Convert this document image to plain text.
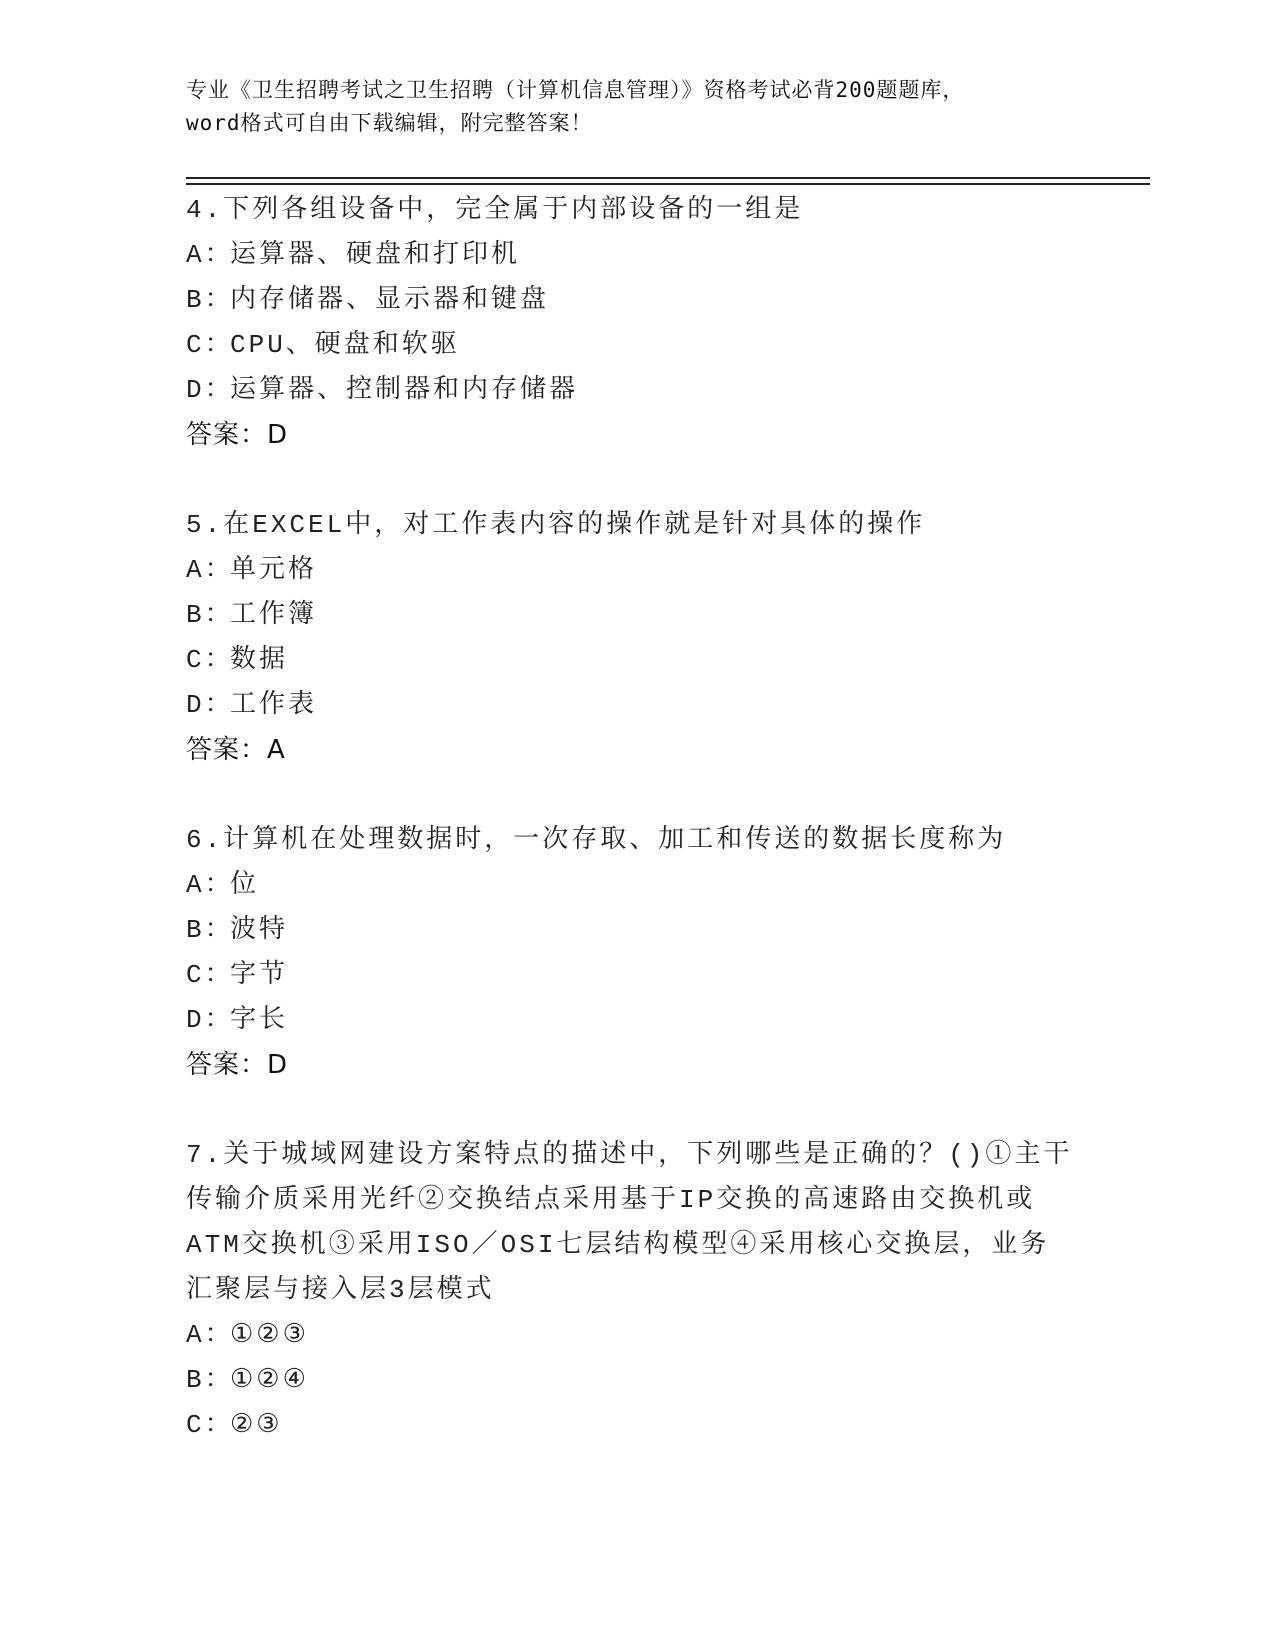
专业《卫生招聘考试之卫生招聘（计算机信息管理）》资格考试必背200题题库，
word格式可自由下载编辑，附完整答案！

4.下列各组设备中，完全属于内部设备的一组是

A：
运算器、硬盘和打印机
B：
内存储器、显示器和键盘
C：
CPU、硬盘和软驱
D：
运算器、控制器和内存储器
答案：D

5.在EXCEL中，对工作表内容的操作就是针对具体的操作

A：
单元格
B：
工作簿
C：
数据
D：
工作表
答案：A

6.计算机在处理数据时，一次存取、加工和传送的数据长度称为

A：
位
B：
波特
C：
字节
D：
字长
答案：D

7.关于城域网建设方案特点的描述中，下列哪些是正确的？()①主干传输介质采用光纤②交换结点采用基于IP交换的高速路由交换机或ATM交换机③采用ISO／OSI七层结构模型④采用核心交换层，业务汇聚层与接入层3层模式

A：
①②③
B：
①②④
C：
②③
